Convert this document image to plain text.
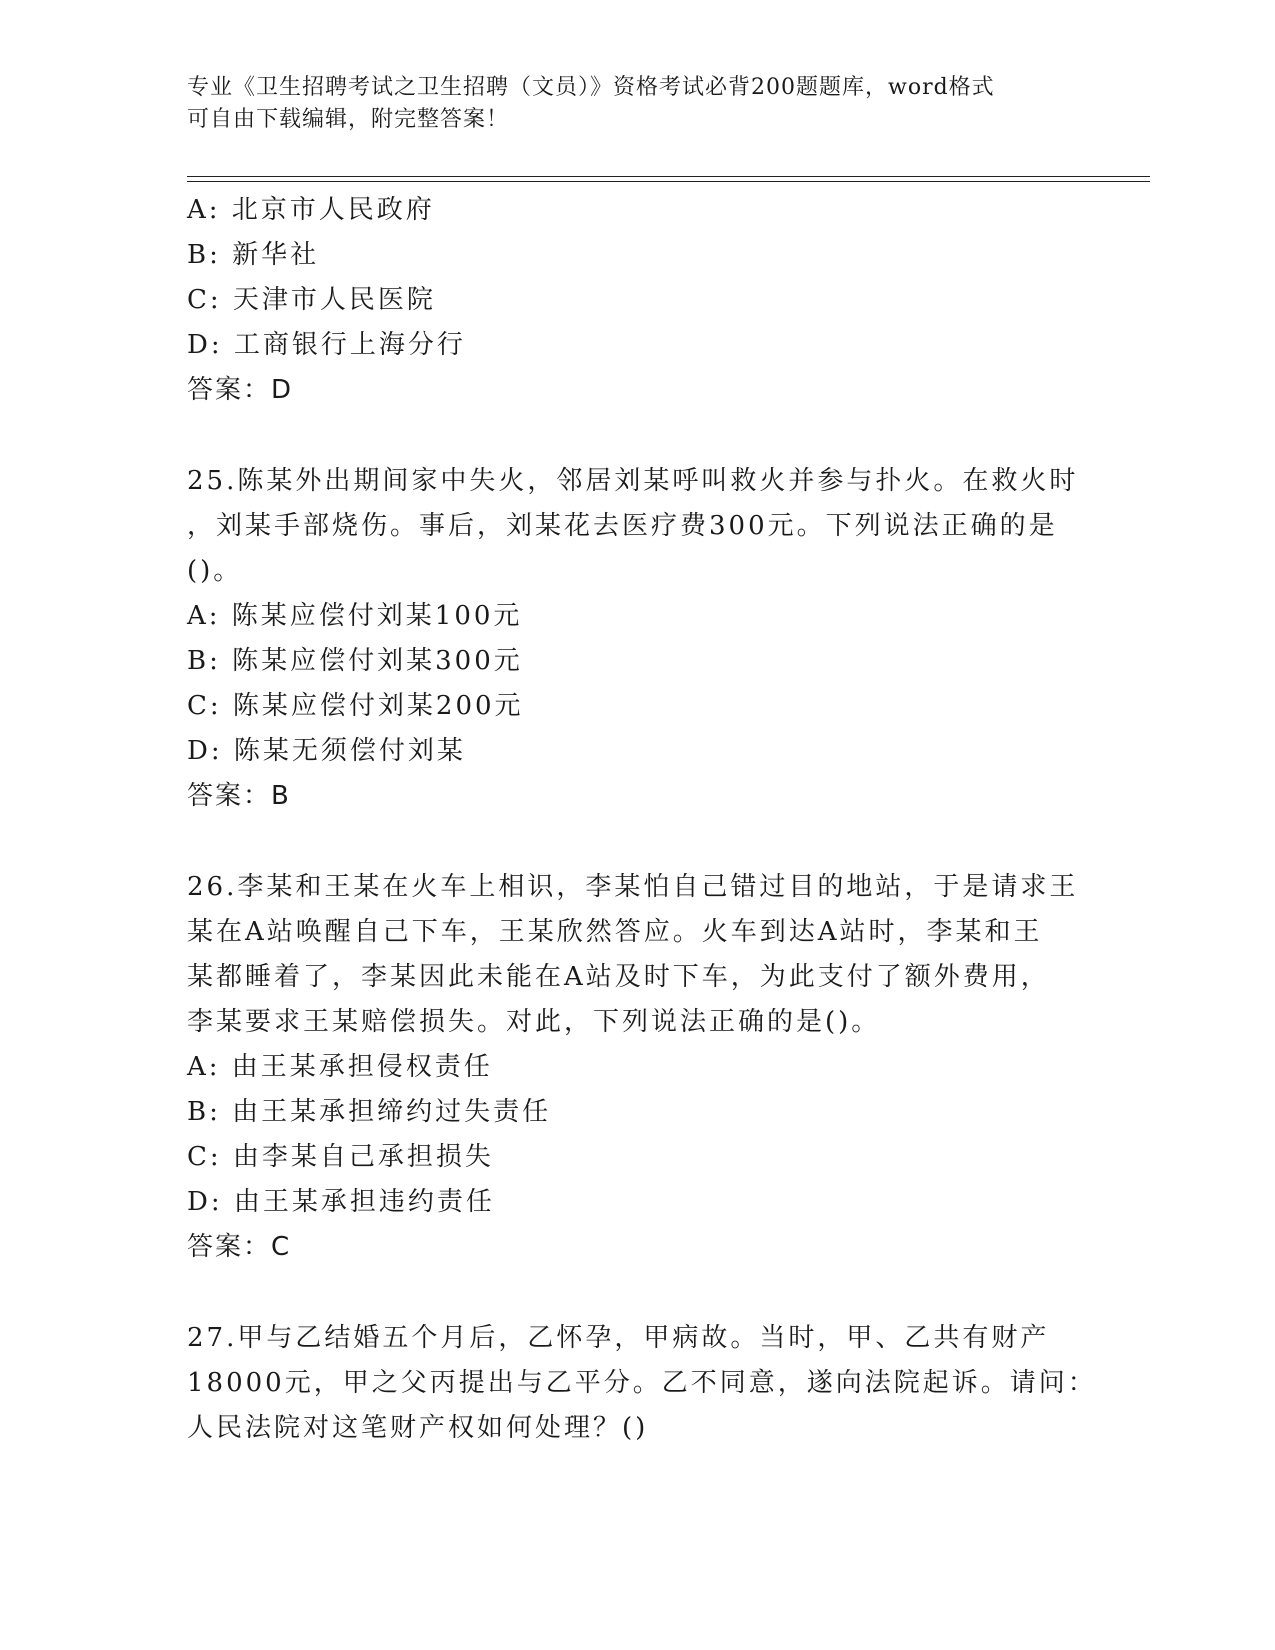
专业《卫生招聘考试之卫生招聘（文员）》资格考试必背200题题库，word格式
可自由下载编辑，附完整答案！
A: 北京市人民政府
B: 新华社
C: 天津市人民医院
D: 工商银行上海分行
答案：D
25.陈某外出期间家中失火，邻居刘某呼叫救火并参与扑火。在救火时
，刘某手部烧伤。事后，刘某花去医疗费300元。下列说法正确的是
()。
A: 陈某应偿付刘某100元
B: 陈某应偿付刘某300元
C: 陈某应偿付刘某200元
D: 陈某无须偿付刘某
答案：B
26.李某和王某在火车上相识，李某怕自己错过目的地站，于是请求王
某在A站唤醒自己下车，王某欣然答应。火车到达A站时，李某和王
某都睡着了，李某因此未能在A站及时下车，为此支付了额外费用，
李某要求王某赔偿损失。对此，下列说法正确的是()。
A: 由王某承担侵权责任
B: 由王某承担缔约过失责任
C: 由李某自己承担损失
D: 由王某承担违约责任
答案：C
27.甲与乙结婚五个月后，乙怀孕，甲病故。当时，甲、乙共有财产
18000元，甲之父丙提出与乙平分。乙不同意，遂向法院起诉。请问：
人民法院对这笔财产权如何处理？()
